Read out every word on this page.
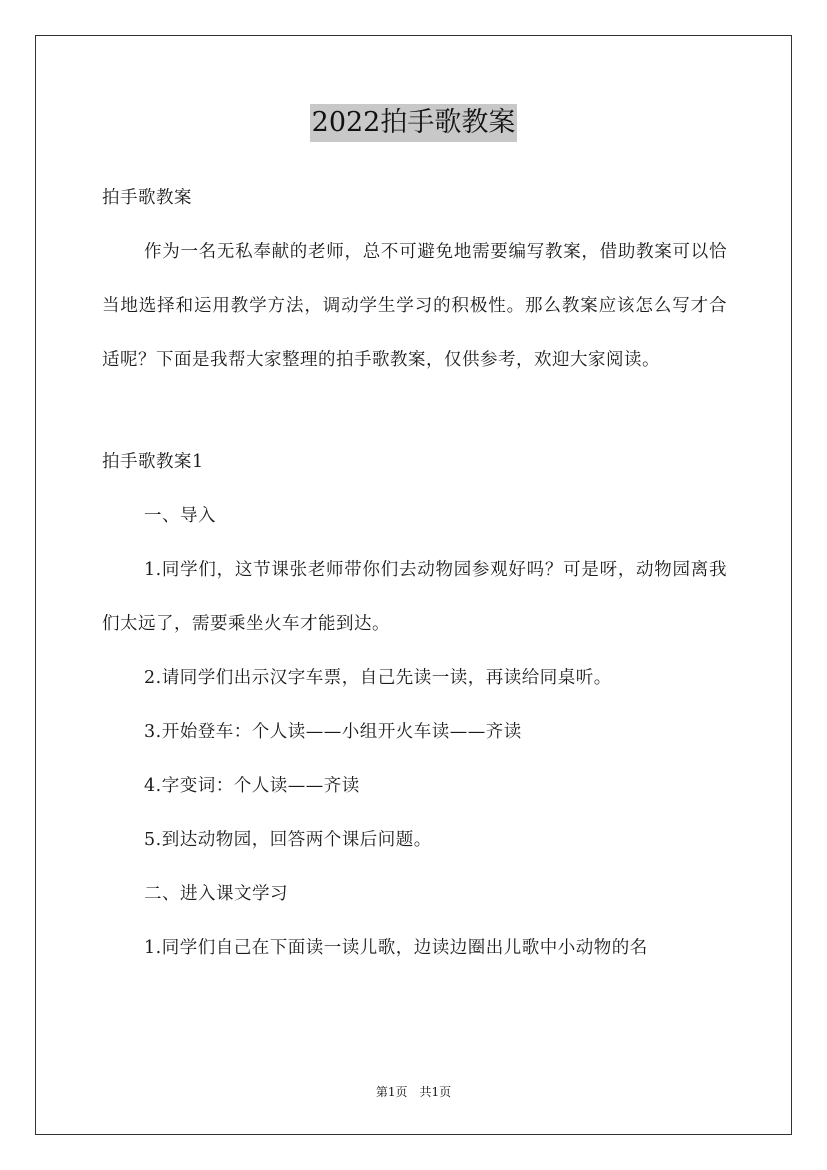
2022拍手歌教案

拍手歌教案

作为一名无私奉献的老师，总不可避免地需要编写教案，借助教案可以恰当地选择和运用教学方法，调动学生学习的积极性。那么教案应该怎么写才合适呢？下面是我帮大家整理的拍手歌教案，仅供参考，欢迎大家阅读。

拍手歌教案1

一、导入

1.同学们，这节课张老师带你们去动物园参观好吗？可是呀，动物园离我们太远了，需要乘坐火车才能到达。

2.请同学们出示汉字车票，自己先读一读，再读给同桌听。

3.开始登车：个人读——小组开火车读——齐读

4.字变词：个人读——齐读

5.到达动物园，回答两个课后问题。

二、进入课文学习

1.同学们自己在下面读一读儿歌，边读边圈出儿歌中小动物的名

第1页　共1页
